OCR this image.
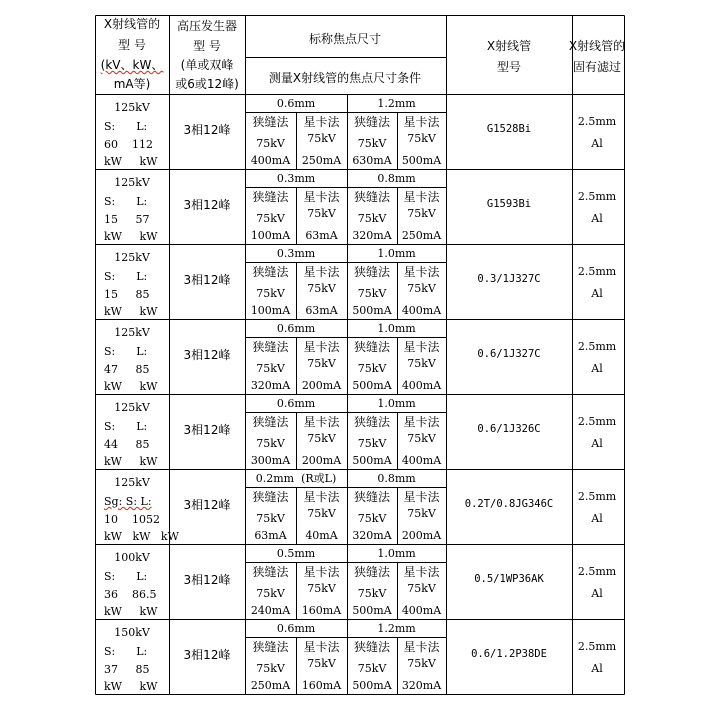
X射线管的
型 号
(kV、kW、
mA等)
高压发生器
型 号
(单或双峰
或6或12峰)
标称焦点尺寸
测量X射线管的焦点尺寸条件
X射线管
型号
X射线管的
固有滤过
125kV
S:      L:
60    112
kW     kW
3相12峰
0.6mm
狭缝法 星卡法
75kV
400mA
75kV
250mA
1.2mm
狭缝法 星卡法
75kV
630mA
75kV
500mA
G1528Bi
2.5mm
Al
125kV
S:      L:
15     57
kW     kW
3相12峰
0.3mm
狭缝法 星卡法
75kV
100mA
75kV
63mA
0.8mm
狭缝法 星卡法
75kV
320mA
75kV
250mA
G1593Bi
2.5mm
Al
125kV
S:      L:
15     85
kW     kW
3相12峰
0.3mm
狭缝法 星卡法
75kV
100mA
75kV
63mA
1.0mm
狭缝法 星卡法
75kV
500mA
75kV
400mA
0.3/1J327C
2.5mm
Al
125kV
S:      L:
47     85
kW     kW
3相12峰
0.6mm
狭缝法 星卡法
75kV
320mA
75kV
200mA
1.0mm
狭缝法 星卡法
75kV
500mA
75kV
400mA
0.6/1J327C
2.5mm
Al
125kV
S:      L:
44     85
kW     kW
3相12峰
0.6mm
狭缝法 星卡法
75kV
300mA
75kV
200mA
1.0mm
狭缝法 星卡法
75kV
500mA
75kV
400mA
0.6/1J326C
2.5mm
Al
125kV
Sg: S: L:
10    1052
kW   kW   kW
3相12峰
0.2mm  (R或L)
狭缝法 星卡法
75kV
63mA
75kV
40mA
0.8mm
狭缝法 星卡法
75kV
320mA
75kV
200mA
0.2T/0.8JG346C
2.5mm
Al
100kV
S:      L:
36    86.5
kW     kW
3相12峰
0.5mm
狭缝法 星卡法
75kV
240mA
75kV
160mA
1.0mm
狭缝法 星卡法
75kV
500mA
75kV
400mA
0.5/1WP36AK
2.5mm
Al
150kV
S:      L:
37     85
kW     kW
3相12峰
0.6mm
狭缝法 星卡法
75kV
250mA
75kV
160mA
1.2mm
狭缝法 星卡法
75kV
500mA
75kV
320mA
0.6/1.2P38DE
2.5mm
Al
